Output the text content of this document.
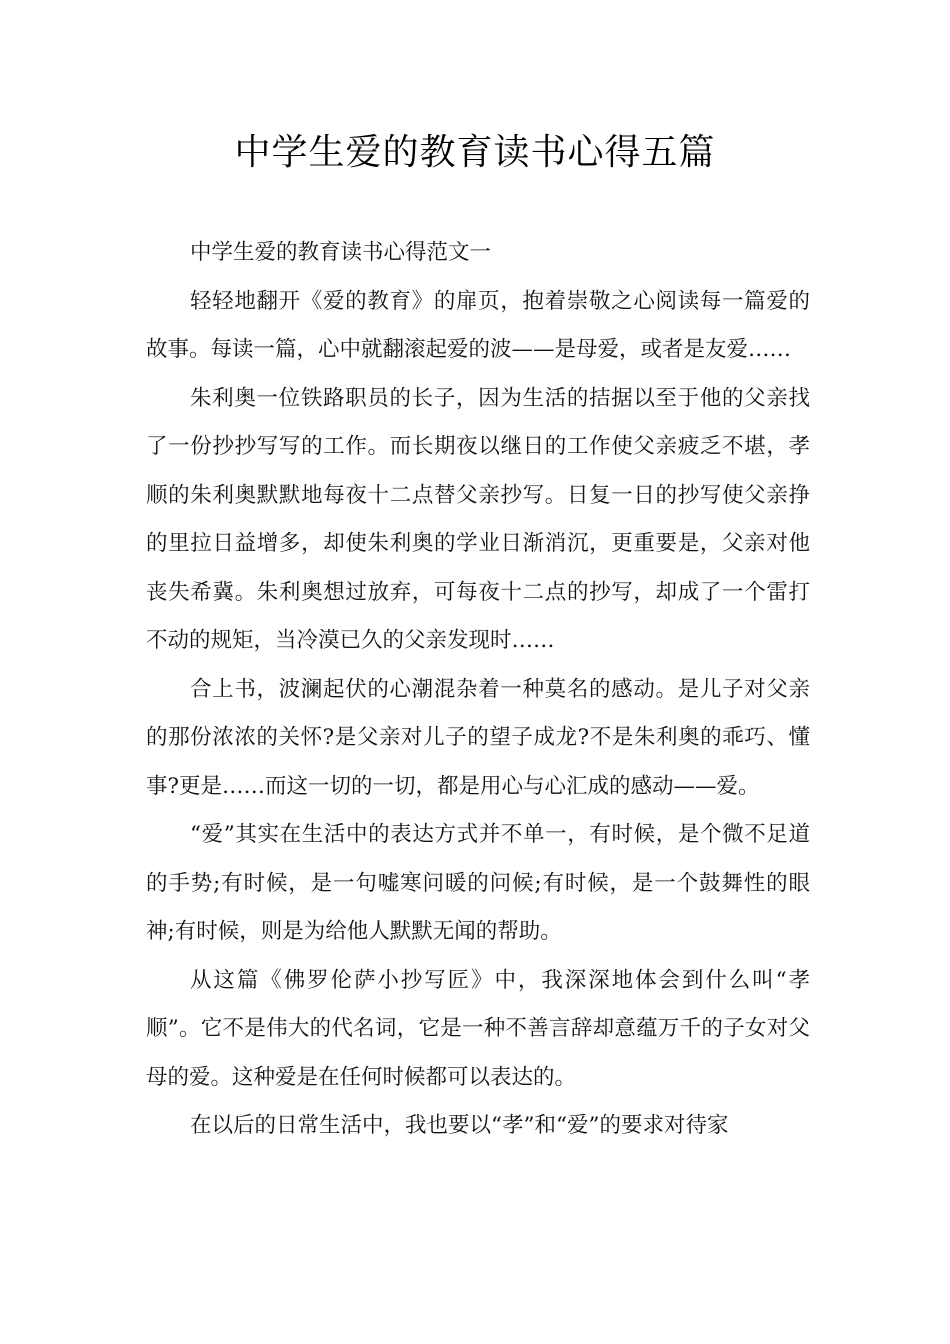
中学生爱的教育读书心得五篇

中学生爱的教育读书心得范文一

轻轻地翻开《爱的教育》的扉页，抱着崇敬之心阅读每一篇爱的故事。每读一篇，心中就翻滚起爱的波——是母爱，或者是友爱……

朱利奥一位铁路职员的长子，因为生活的拮据以至于他的父亲找了一份抄抄写写的工作。而长期夜以继日的工作使父亲疲乏不堪，孝顺的朱利奥默默地每夜十二点替父亲抄写。日复一日的抄写使父亲挣的里拉日益增多，却使朱利奥的学业日渐消沉，更重要是，父亲对他丧失希冀。朱利奥想过放弃，可每夜十二点的抄写，却成了一个雷打不动的规矩，当冷漠已久的父亲发现时……

合上书，波澜起伏的心潮混杂着一种莫名的感动。是儿子对父亲的那份浓浓的关怀?是父亲对儿子的望子成龙?不是朱利奥的乖巧、懂事?更是……而这一切的一切，都是用心与心汇成的感动——爱。

“爱”其实在生活中的表达方式并不单一，有时候，是个微不足道的手势;有时候，是一句嘘寒问暖的问候;有时候，是一个鼓舞性的眼神;有时候，则是为给他人默默无闻的帮助。

从这篇《佛罗伦萨小抄写匠》中，我深深地体会到什么叫“孝顺”。它不是伟大的代名词，它是一种不善言辞却意蕴万千的子女对父母的爱。这种爱是在任何时候都可以表达的。

在以后的日常生活中，我也要以“孝”和“爱”的要求对待家
